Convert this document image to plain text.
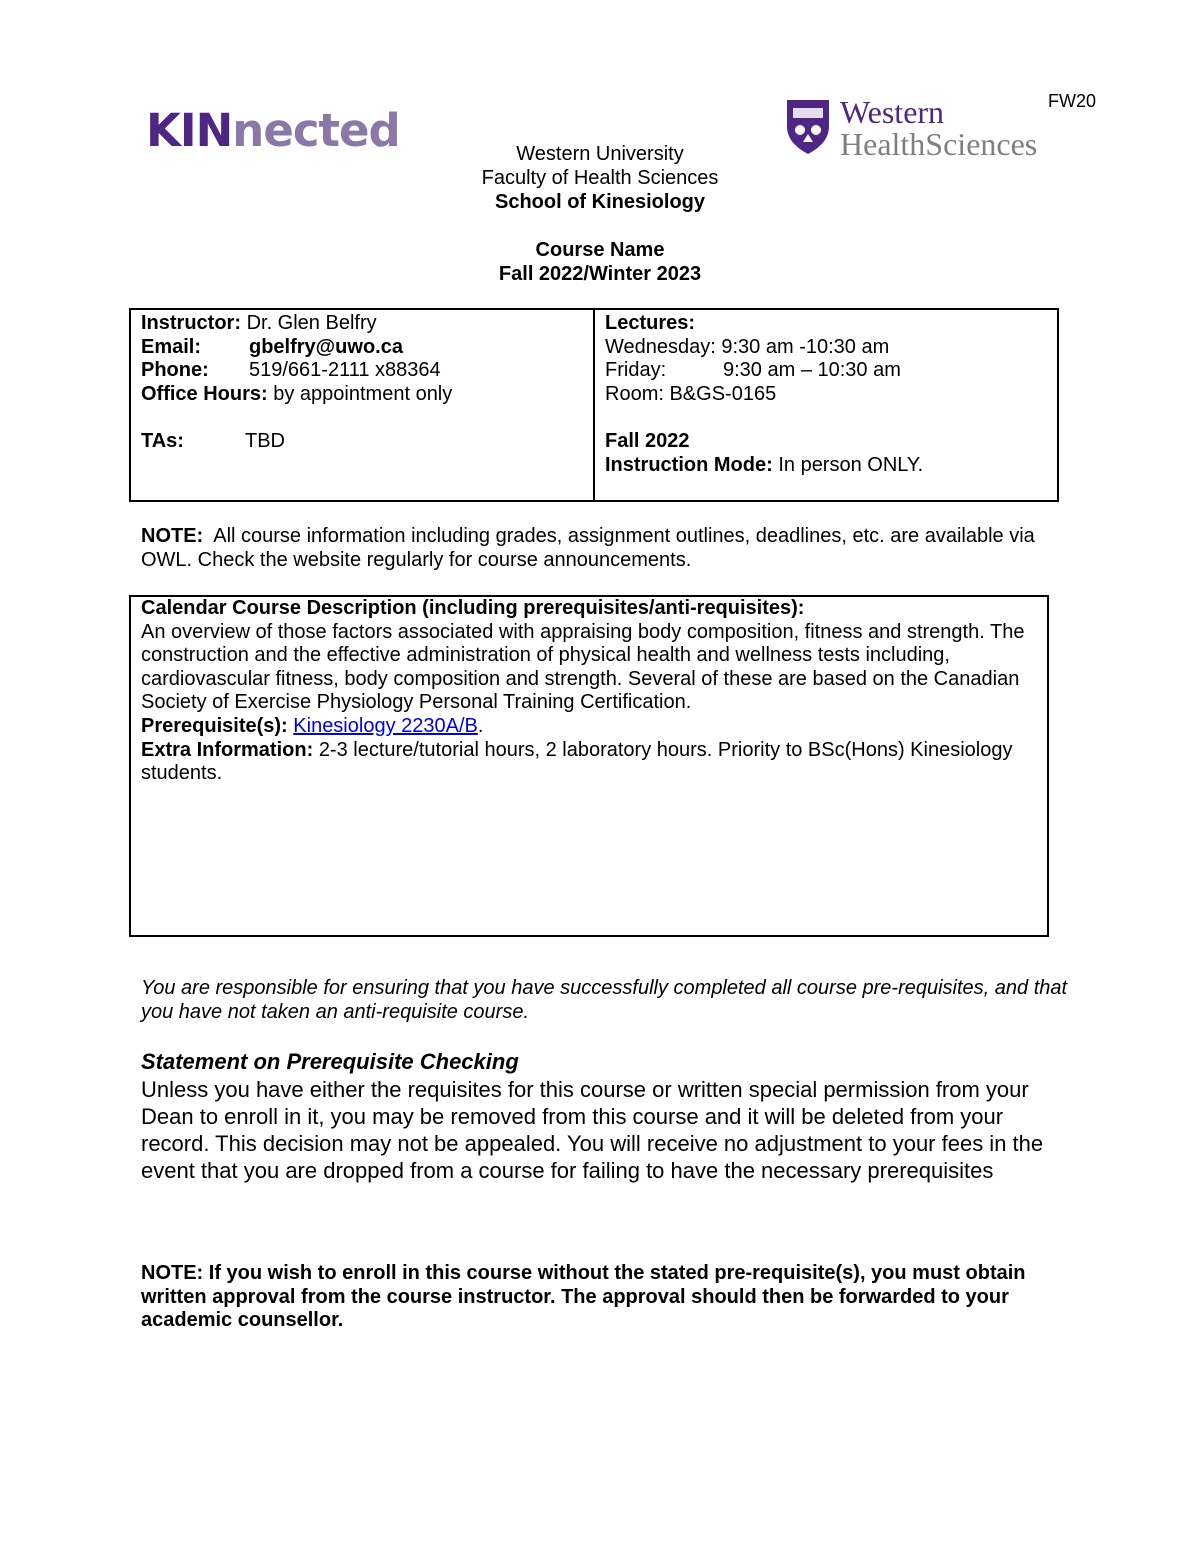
KINnected
FW20
Western
HealthSciences
Western University
Faculty of Health Sciences
School of Kinesiology
Course Name
Fall 2022/Winter 2023
Instructor: Dr. Glen Belfry
Email: gbelfry@uwo.ca
Phone: 519/661-2111 x88364
Office Hours: by appointment only
TAs:	TBD
Lectures:
Wednesday: 9:30 am -10:30 am
Friday:	9:30 am – 10:30 am
Room: B&GS-0165
Fall 2022
Instruction Mode: In person ONLY.
NOTE: All course information including grades, assignment outlines, deadlines, etc. are available via OWL. Check the website regularly for course announcements.
Calendar Course Description (including prerequisites/anti-requisites):
An overview of those factors associated with appraising body composition, fitness and strength. The construction and the effective administration of physical health and wellness tests including, cardiovascular fitness, body composition and strength. Several of these are based on the Canadian Society of Exercise Physiology Personal Training Certification.
Prerequisite(s): Kinesiology 2230A/B.
Extra Information: 2-3 lecture/tutorial hours, 2 laboratory hours. Priority to BSc(Hons) Kinesiology students.
You are responsible for ensuring that you have successfully completed all course pre-requisites, and that you have not taken an anti-requisite course.
Statement on Prerequisite Checking
Unless you have either the requisites for this course or written special permission from your Dean to enroll in it, you may be removed from this course and it will be deleted from your record. This decision may not be appealed. You will receive no adjustment to your fees in the event that you are dropped from a course for failing to have the necessary prerequisites
NOTE: If you wish to enroll in this course without the stated pre-requisite(s), you must obtain written approval from the course instructor. The approval should then be forwarded to your academic counsellor.
